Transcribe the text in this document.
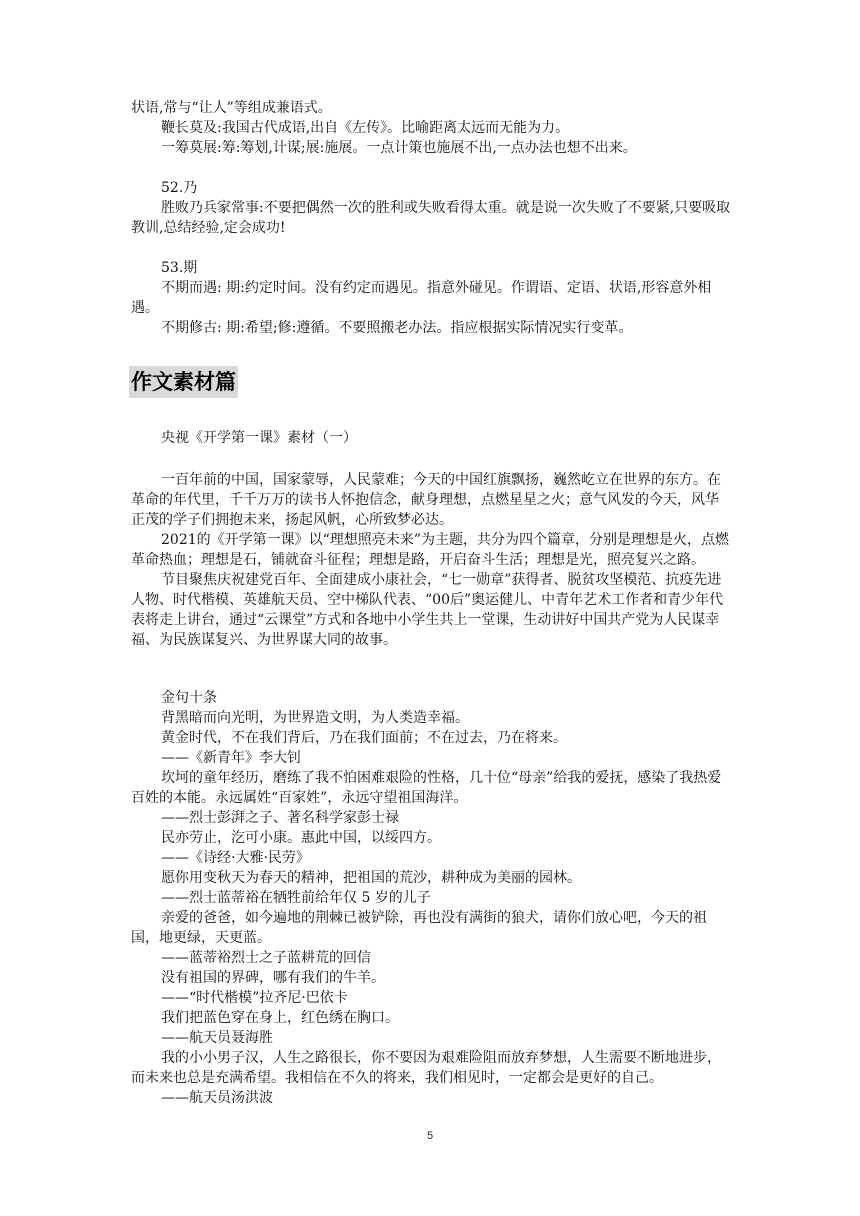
状语,常与“让人”等组成兼语式。

鞭长莫及:我国古代成语,出自《左传》。比喻距离太远而无能为力。

一筹莫展:筹:筹划,计谋;展:施展。一点计策也施展不出,一点办法也想不出来。

52.乃

胜败乃兵家常事:不要把偶然一次的胜利或失败看得太重。就是说一次失败了不要紧,只要吸取教训,总结经验,定会成功!

53.期

不期而遇: 期:约定时间。没有约定而遇见。指意外碰见。作谓语、定语、状语,形容意外相遇。

不期修古: 期:希望;修:遵循。不要照搬老办法。指应根据实际情况实行变革。

作文素材篇

央视《开学第一课》素材（一）

一百年前的中国，国家蒙辱，人民蒙难；今天的中国红旗飘扬，巍然屹立在世界的东方。在革命的年代里，千千万万的读书人怀抱信念，献身理想，点燃星星之火；意气风发的今天，风华正茂的学子们拥抱未来，扬起风帆，心所致梦必达。

2021的《开学第一课》以“理想照亮未来”为主题，共分为四个篇章，分别是理想是火，点燃革命热血；理想是石，铺就奋斗征程；理想是路，开启奋斗生活；理想是光，照亮复兴之路。

节目聚焦庆祝建党百年、全面建成小康社会，“七一勋章”获得者、脱贫攻坚模范、抗疫先进人物、时代楷模、英雄航天员、空中梯队代表、“00后”奥运健儿、中青年艺术工作者和青少年代表将走上讲台，通过“云课堂”方式和各地中小学生共上一堂课，生动讲好中国共产党为人民谋幸福、为民族谋复兴、为世界谋大同的故事。

金句十条

背黑暗而向光明，为世界造文明，为人类造幸福。

黄金时代，不在我们背后，乃在我们面前；不在过去，乃在将来。

——《新青年》李大钊

坎坷的童年经历，磨练了我不怕困难艰险的性格，几十位“母亲”给我的爱抚，感染了我热爱百姓的本能。永远属姓“百家姓”，永远守望祖国海洋。

——烈士彭湃之子、著名科学家彭士禄

民亦劳止，汔可小康。惠此中国，以绥四方。

——《诗经·大雅·民劳》

愿你用变秋天为春天的精神，把祖国的荒沙，耕种成为美丽的园林。

——烈士蓝蒂裕在牺牲前给年仅 5 岁的儿子

亲爱的爸爸，如今遍地的荆棘已被铲除，再也没有满街的狼犬，请你们放心吧，今天的祖国，地更绿，天更蓝。

——蓝蒂裕烈士之子蓝耕荒的回信

没有祖国的界碑，哪有我们的牛羊。

——“时代楷模”拉齐尼·巴依卡

我们把蓝色穿在身上，红色绣在胸口。

——航天员聂海胜

我的小小男子汉，人生之路很长，你不要因为艰难险阻而放弃梦想，人生需要不断地进步，而未来也总是充满希望。我相信在不久的将来，我们相见时，一定都会是更好的自己。

——航天员汤洪波

5
